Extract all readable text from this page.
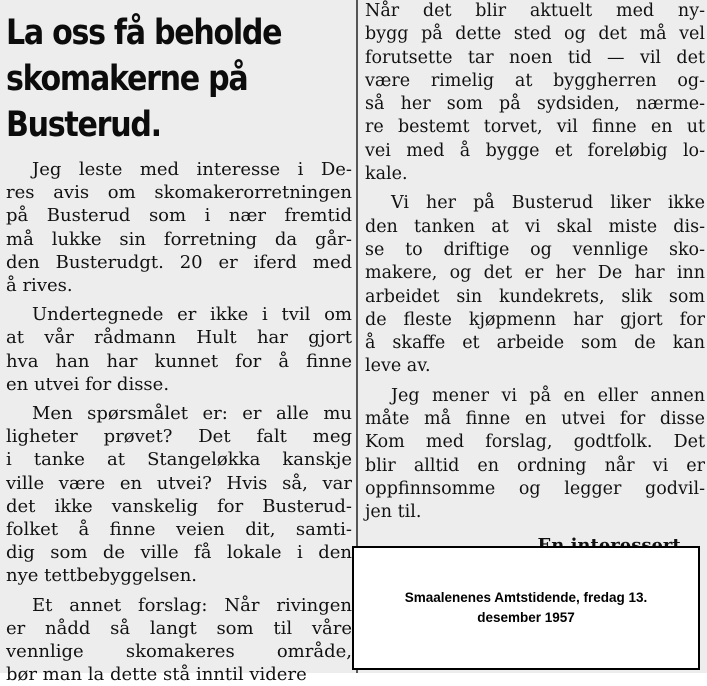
La oss få beholde
skomakerne på
Busterud.
Jeg leste med interesse i De-
res avis om skomakerorretningen
på Busterud som i nær fremtid
må lukke sin forretning da går-
den Busterudgt. 20 er iferd med
å rives.
Undertegnede er ikke i tvil om
at vår rådmann Hult har gjort
hva han har kunnet for å finne
en utvei for disse.
Men spørsmålet er: er alle mu
ligheter prøvet? Det falt meg
i tanke at Stangeløkka kanskje
ville være en utvei? Hvis så, var
det ikke vanskelig for Busterud-
folket å finne veien dit, samti-
dig som de ville få lokale i den
nye tettbebyggelsen.
Et annet forslag: Når rivingen
er nådd så langt som til våre
vennlige skomakeres område,
bør man la dette stå inntil videre
Når det blir aktuelt med ny-
bygg på dette sted og det må vel
forutsette tar noen tid — vil det
være rimelig at byggherren og-
så her som på sydsiden, nærme-
re bestemt torvet, vil finne en ut
vei med å bygge et foreløbig lo-
kale.
Vi her på Busterud liker ikke
den tanken at vi skal miste dis-
se to driftige og vennlige sko-
makere, og det er her De har inn
arbeidet sin kundekrets, slik som
de fleste kjøpmenn har gjort for
å skaffe et arbeide som de kan
leve av.
Jeg mener vi på en eller annen
måte må finne en utvei for disse
Kom med forslag, godtfolk. Det
blir alltid en ordning når vi er
oppfinnsomme og legger godvil-
jen til.
Smaalenenes Amtstidende, fredag 13. desember 1957
